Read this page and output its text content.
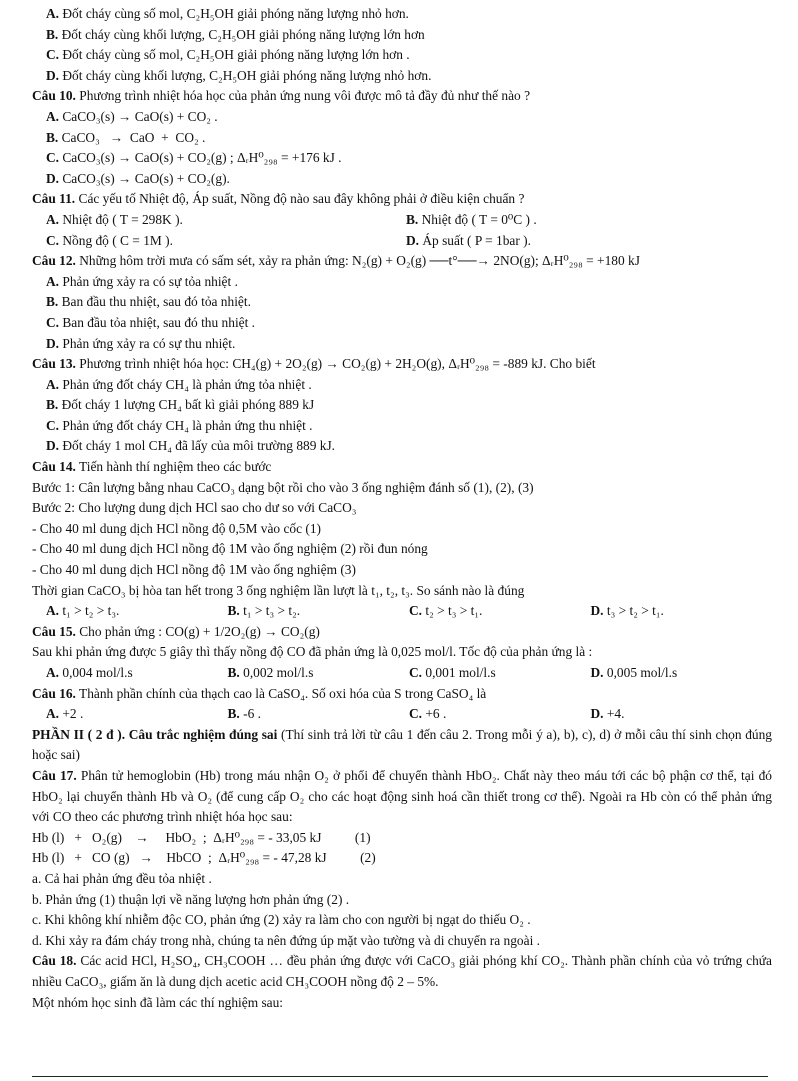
A. Đốt cháy cùng số mol, C₂H₅OH giải phóng năng lượng nhỏ hơn.
B. Đốt cháy cùng khối lượng, C₂H₅OH giải phóng năng lượng lớn hơn
C. Đốt cháy cùng số mol, C₂H₅OH giải phóng năng lượng lớn hơn .
D. Đốt cháy cùng khối lượng, C₂H₅OH giải phóng năng lượng nhỏ hơn.
Câu 10. Phương trình nhiệt hóa học của phản ứng nung vôi được mô tả đầy đủ như thế nào ?
A. CaCO₃(s) → CaO(s) + CO₂ .
B. CaCO₃   →  CaO  +  CO₂ .
C. CaCO₃(s) → CaO(s) + CO₂(g) ; ΔᵣH⁰₂₉₈ = +176 kJ .
D. CaCO₃(s) → CaO(s) + CO₂(g).
Câu 11. Các yếu tố Nhiệt độ, Áp suất, Nồng độ nào sau đây không phải ở điều kiện chuẩn ?
A. Nhiệt độ ( T = 298K ).	B. Nhiệt độ ( T = 0⁰C ) .
C. Nồng độ ( C = 1M ).	D. Áp suất ( P = 1bar ).
Câu 12. Những hôm trời mưa có sấm sét, xảy ra phản ứng: N₂(g) + O₂(g) ──t°──→ 2NO(g); ΔᵣH⁰₂₉₈ = +180 kJ
A. Phản ứng xảy ra có sự tỏa nhiệt .
B. Ban đầu thu nhiệt, sau đó tỏa nhiệt.
C. Ban đầu tỏa nhiệt, sau đó thu nhiệt .
D. Phản ứng xảy ra có sự thu nhiệt.
Câu 13. Phương trình nhiệt hóa học: CH₄(g) + 2O₂(g) → CO₂(g) + 2H₂O(g), ΔᵣH⁰₂₉₈ = -889 kJ. Cho biết
A. Phản ứng đốt cháy CH₄ là phản ứng tỏa nhiệt .
B. Đốt cháy 1 lượng CH₄ bất kì giải phóng 889 kJ
C. Phản ứng đốt cháy CH₄ là phản ứng thu nhiệt .
D. Đốt cháy 1 mol CH₄ đã lấy của môi trường 889 kJ.
Câu 14. Tiến hành thí nghiệm theo các bước
Bước 1: Cân lượng bằng nhau CaCO₃ dạng bột rồi cho vào 3 ống nghiệm đánh số (1), (2), (3)
Bước 2: Cho lượng dung dịch HCl sao cho dư so với CaCO₃
- Cho 40 ml dung dịch HCl nồng độ 0,5M vào cốc (1)
- Cho 40 ml dung dịch HCl nồng độ 1M vào ống nghiệm (2) rồi đun nóng
- Cho 40 ml dung dịch HCl nồng độ 1M vào ống nghiệm (3)
Thời gian CaCO₃ bị hòa tan hết trong 3 ống nghiệm lần lượt là t₁, t₂, t₃. So sánh nào là đúng
A. t₁ > t₂ > t₃.	B. t₁ > t₃ > t₂.	C. t₂ > t₃ > t₁.	D. t₃ > t₂ > t₁.
Câu 15. Cho phản ứng : CO(g) + 1/2O₂(g) → CO₂(g)
Sau khi phản ứng được 5 giây thì thấy nồng độ CO đã phản ứng là 0,025 mol/l. Tốc độ của phản ứng là :
A. 0,004 mol/l.s	B. 0,002 mol/l.s	C. 0,001 mol/l.s	D. 0,005 mol/l.s
Câu 16. Thành phần chính của thạch cao là CaSO₄. Số oxi hóa của S trong CaSO₄ là
A. +2 .	B. -6 .	C. +6 .	D. +4.
PHẦN II ( 2 đ ). Câu trắc nghiệm đúng sai (Thí sinh trả lời từ câu 1 đến câu 2. Trong mỗi ý a), b), c), d) ở mỗi câu thí sinh chọn đúng hoặc sai)
Câu 17. Phân tử hemoglobin (Hb) trong máu nhận O₂ ở phổi để chuyển thành HbO₂. Chất này theo máu tới các bộ phận cơ thể, tại đó HbO₂ lại chuyển thành Hb và O₂ (để cung cấp O₂ cho các hoạt động sinh hoá cần thiết trong cơ thể). Ngoài ra Hb còn có thể phản ứng với CO theo các phương trình nhiệt hóa học sau:
Hb (l)   +   O₂(g)    →     HbO₂  ;  ΔᵣH⁰₂₉₈ = - 33,05 kJ          (1)
Hb (l)   +   CO (g)   →    HbCO  ;  ΔᵣH⁰₂₉₈ = - 47,28 kJ          (2)
a. Cả hai phản ứng đều tỏa nhiệt .
b. Phản ứng (1) thuận lợi về năng lượng hơn phản ứng (2) .
c. Khi không khí nhiễm độc CO, phản ứng (2) xảy ra làm cho con người bị ngạt do thiếu O₂ .
d. Khi xảy ra đám cháy trong nhà, chúng ta nên đứng úp mặt vào tường và di chuyển ra ngoài .
Câu 18. Các acid HCl, H₂SO₄, CH₃COOH … đều phản ứng được với CaCO₃ giải phóng khí CO₂. Thành phần chính của vỏ trứng chứa nhiều CaCO₃, giấm ăn là dung dịch acetic acid CH₃COOH nồng độ 2 – 5%.
Một nhóm học sinh đã làm các thí nghiệm sau:
